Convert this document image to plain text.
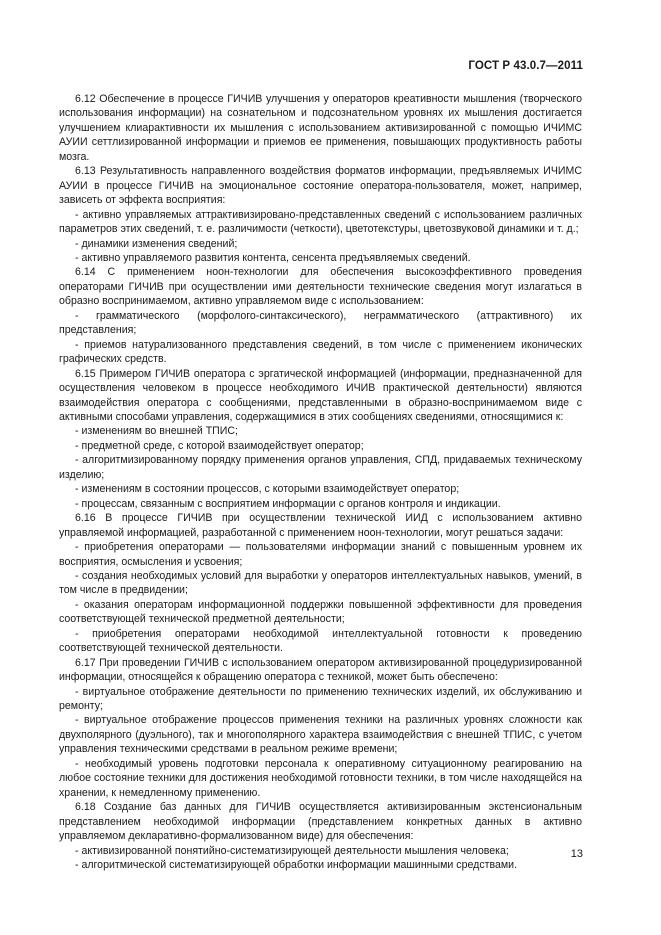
ГОСТ Р 43.0.7—2011

6.12 Обеспечение в процессе ГИЧИВ улучшения у операторов креативности мышления (творческого использования информации) на сознательном и подсознательном уровнях их мышления достигается улучшением клиарактивности их мышления с использованием активизированной с помощью ИЧИМС АУИИ сеттлизированной информации и приемов ее применения, повышающих продуктивность работы мозга.

6.13 Результативность направленного воздействия форматов информации, предъявляемых ИЧИМС АУИИ в процессе ГИЧИВ на эмоциональное состояние оператора-пользователя, может, например, зависеть от эффекта восприятия:

- активно управляемых аттрактивизировано-представленных сведений с использованием различных параметров этих сведений, т. е. различимости (четкости), цветотекстуры, цветозвуковой динамики и т. д.;

- динамики изменения сведений;

- активно управляемого развития контента, сенсента предъявляемых сведений.

6.14 С применением ноон-технологии для обеспечения высокоэффективного проведения операторами ГИЧИВ при осуществлении ими деятельности технические сведения могут излагаться в образно воспринимаемом, активно управляемом виде с использованием:

- грамматического (морфолого-синтаксического), неграмматического (аттрактивного) их представления;

- приемов натурализованного представления сведений, в том числе с применением иконических графических средств.

6.15 Примером ГИЧИВ оператора с эргатической информацией (информации, предназначенной для осуществления человеком в процессе необходимого ИЧИВ практической деятельности) являются взаимодействия оператора с сообщениями, представленными в образно-воспринимаемом виде с активными способами управления, содержащимися в этих сообщениях сведениями, относящимися к:

- изменениям во внешней ТПИС;

- предметной среде, с которой взаимодействует оператор;

- алгоритмизированному порядку применения органов управления, СПД, придаваемых техническому изделию;

- изменениям в состоянии процессов, с которыми взаимодействует оператор;

- процессам, связанным с восприятием информации с органов контроля и индикации.

6.16 В процессе ГИЧИВ при осуществлении технической ИИД с использованием активно управляемой информацией, разработанной с применением ноон-технологии, могут решаться задачи:

- приобретения операторами — пользователями информации знаний с повышенным уровнем их восприятия, осмысления и усвоения;

- создания необходимых условий для выработки у операторов интеллектуальных навыков, умений, в том числе в предвидении;

- оказания операторам информационной поддержки повышенной эффективности для проведения соответствующей технической предметной деятельности;

- приобретения операторами необходимой интеллектуальной готовности к проведению соответствующей технической деятельности.

6.17 При проведении ГИЧИВ с использованием оператором активизированной процедуризированной информации, относящейся к обращению оператора с техникой, может быть обеспечено:

- виртуальное отображение деятельности по применению технических изделий, их обслуживанию и ремонту;

- виртуальное отображение процессов применения техники на различных уровнях сложности как двухполярного (дуэльного), так и многополярного характера взаимодействия с внешней ТПИС, с учетом управления техническими средствами в реальном режиме времени;

- необходимый уровень подготовки персонала к оперативному ситуационному реагированию на любое состояние техники для достижения необходимой готовности техники, в том числе находящейся на хранении, к немедленному применению.

6.18 Создание баз данных для ГИЧИВ осуществляется активизированным экстенсиональным представлением необходимой информации (представлением конкретных данных в активно управляемом декларативно-формализованном виде) для обеспечения:

- активизированной понятийно-систематизирующей деятельности мышления человека;

- алгоритмической систематизирующей обработки информации машинными средствами.

13
